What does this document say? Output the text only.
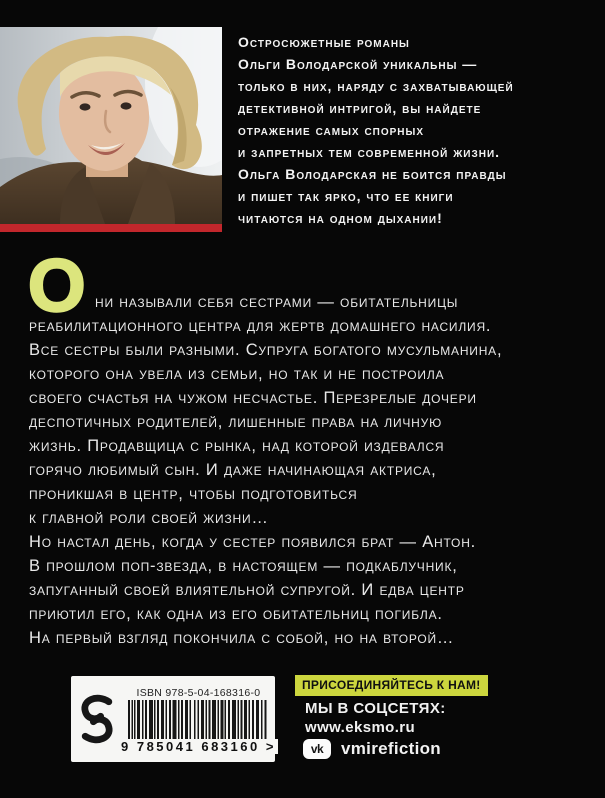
Остросюжетные романы
Ольги Володарской уникальны —
только в них, наряду с захватывающей
детективной интригой, вы найдете
отражение самых спорных
и запретных тем современной жизни.
Ольга Володарская не боится правды
и пишет так ярко, что ее книги
читаются на одном дыхании!
О ни называли себя сестрами — обитательницы
реабилитационного центра для жертв домашнего насилия.
Все сестры были разными. Супруга богатого мусульманина,
которого она увела из семьи, но так и не построила
своего счастья на чужом несчастье. Перезрелые дочери
деспотичных родителей, лишенные права на личную
жизнь. Продавщица с рынка, над которой издевался
горячо любимый сын. И даже начинающая актриса,
проникшая в центр, чтобы подготовиться
к главной роли своей жизни…
Но настал день, когда у сестер появился брат — Антон.
В прошлом поп-звезда, в настоящем — подкаблучник,
запуганный своей влиятельной супругой. И едва центр
приютил его, как одна из его обитательниц погибла.
На первый взгляд покончила с собой, но на второй…
ISBN 978-5-04-168316-0
9 785041 683160 >
ПРИСОЕДИНЯЙТЕСЬ К НАМ!
МЫ В СОЦСЕТЯХ:
www.eksmo.ru
vk vmirefiction
